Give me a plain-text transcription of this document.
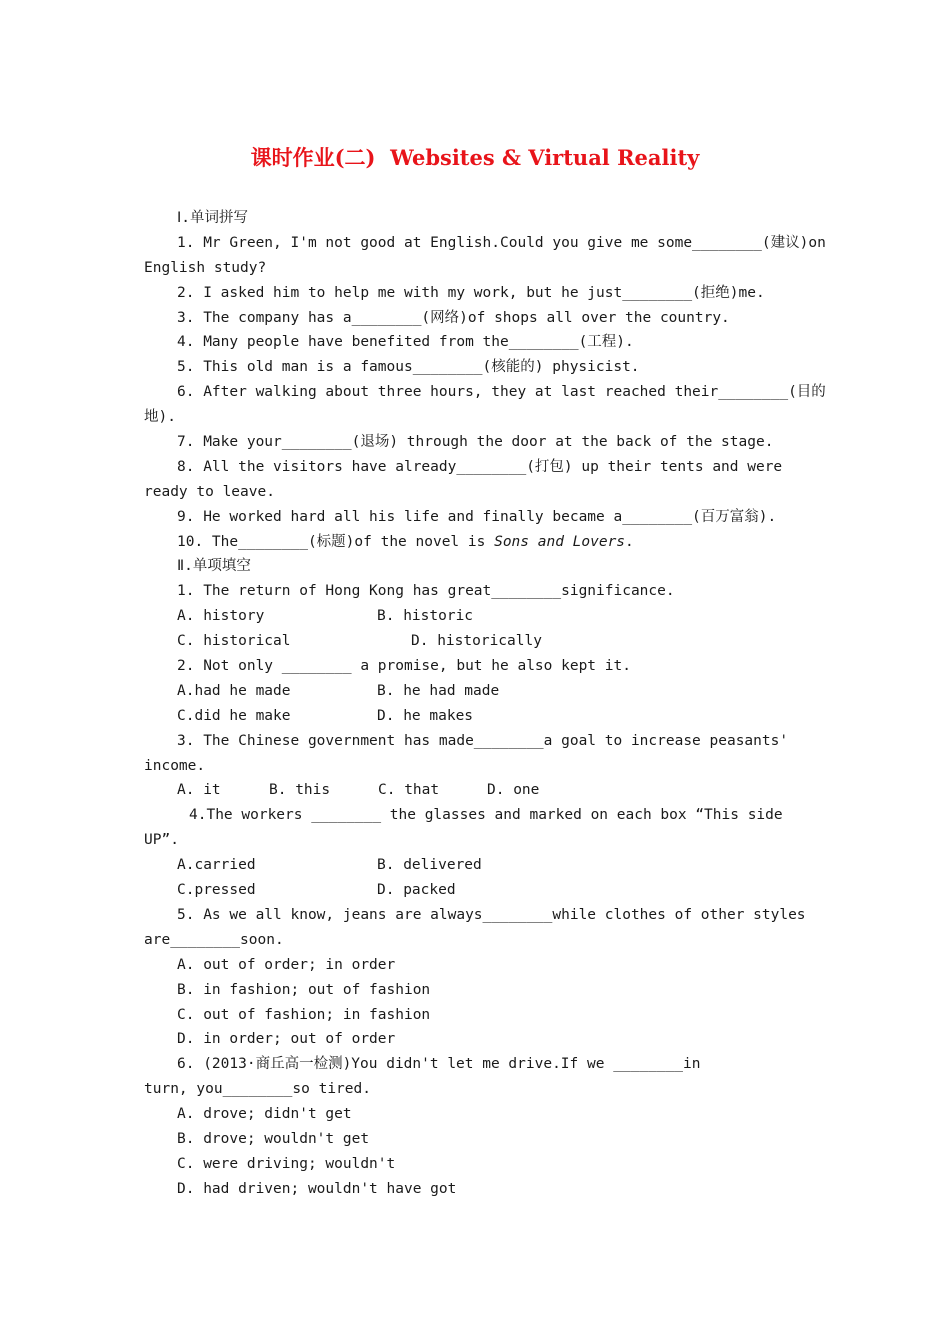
课时作业(二)  Websites & Virtual Reality
Ⅰ.单词拼写
1. Mr Green, I'm not good at English.Could you give me some________(建议)on
English study?
2. I asked him to help me with my work, but he just________(拒绝)me.
3. The company has a________(网络)of shops all over the country.
4. Many people have benefited from the________(工程).
5. This old man is a famous________(核能的) physicist.
6. After walking about three hours, they at last reached their________(目的
地).
7. Make your________(退场) through the door at the back of the stage.
8. All the visitors have already________(打包) up their tents and were
ready to leave.
9. He worked hard all his life and finally became a________(百万富翁).
10. The________(标题)of the novel is Sons and Lovers.
Ⅱ.单项填空
1. The return of Hong Kong has great________significance.
A. history	B. historic
C. historical	D. historically
2. Not only ________ a promise, but he also kept it.
A.had he made	B. he had made
C.did he make	D. he makes
3. The Chinese government has made________a goal to increase peasants'
income.
A. it	B. this	C. that	D. one
4.The workers ________ the glasses and marked on each box “This side
UP”.
A.carried	B. delivered
C.pressed	D. packed
5. As we all know, jeans are always________while clothes of other styles
are________soon.
A. out of order; in order
B. in fashion; out of fashion
C. out of fashion; in fashion
D. in order; out of order
6. (2013·商丘高一检测)You didn't let me drive.If we ________in
turn, you________so tired.
A. drove; didn't get
B. drove; wouldn't get
C. were driving; wouldn't
D. had driven; wouldn't have got
